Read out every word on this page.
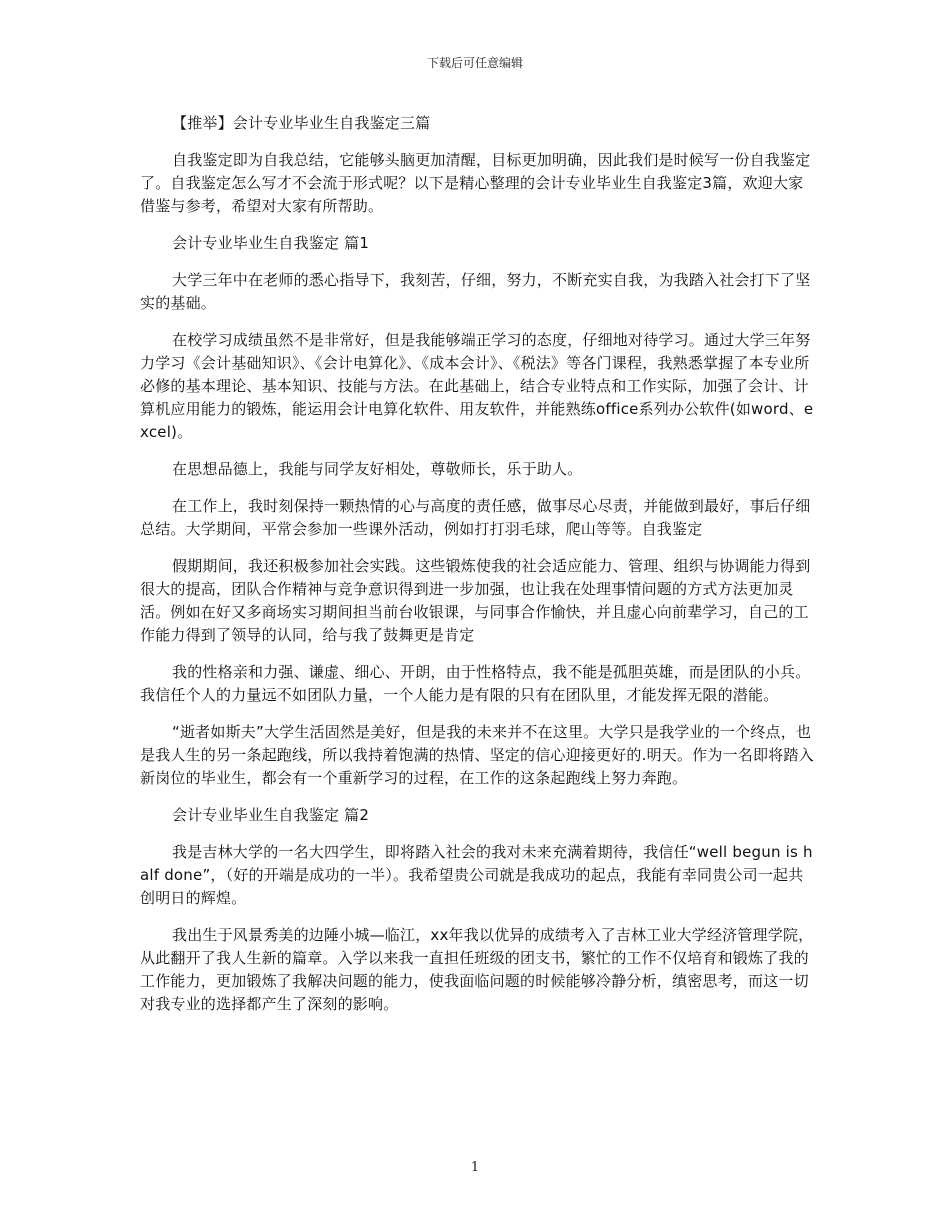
下载后可任意编辑

【推举】会计专业毕业生自我鉴定三篇

自我鉴定即为自我总结，它能够头脑更加清醒，目标更加明确，因此我们是时候写一份自我鉴定了。自我鉴定怎么写才不会流于形式呢？以下是精心整理的会计专业毕业生自我鉴定3篇，欢迎大家借鉴与参考，希望对大家有所帮助。

会计专业毕业生自我鉴定 篇1

大学三年中在老师的悉心指导下，我刻苦，仔细，努力，不断充实自我，为我踏入社会打下了坚实的基础。

在校学习成绩虽然不是非常好，但是我能够端正学习的态度，仔细地对待学习。通过大学三年努力学习《会计基础知识》、《会计电算化》、《成本会计》、《税法》等各门课程，我熟悉掌握了本专业所必修的基本理论、基本知识、技能与方法。在此基础上，结合专业特点和工作实际，加强了会计、计算机应用能力的锻炼，能运用会计电算化软件、用友软件，并能熟练office系列办公软件(如word、excel)。

在思想品德上，我能与同学友好相处，尊敬师长，乐于助人。

在工作上，我时刻保持一颗热情的心与高度的责任感，做事尽心尽责，并能做到最好，事后仔细总结。大学期间，平常会参加一些课外活动，例如打打羽毛球，爬山等等。自我鉴定

假期期间，我还积极参加社会实践。这些锻炼使我的社会适应能力、管理、组织与协调能力得到很大的提高，团队合作精神与竞争意识得到进一步加强，也让我在处理事情问题的方式方法更加灵活。例如在好又多商场实习期间担当前台收银课，与同事合作愉快，并且虚心向前辈学习，自己的工作能力得到了领导的认同，给与我了鼓舞更是肯定

我的性格亲和力强、谦虚、细心、开朗，由于性格特点，我不能是孤胆英雄，而是团队的小兵。我信任个人的力量远不如团队力量，一个人能力是有限的只有在团队里，才能发挥无限的潜能。

“逝者如斯夫”大学生活固然是美好，但是我的未来并不在这里。大学只是我学业的一个终点，也是我人生的另一条起跑线，所以我持着饱满的热情、坚定的信心迎接更好的.明天。作为一名即将踏入新岗位的毕业生，都会有一个重新学习的过程，在工作的这条起跑线上努力奔跑。

会计专业毕业生自我鉴定 篇2

我是吉林大学的一名大四学生，即将踏入社会的我对未来充满着期待，我信任“well begun is half done”，（好的开端是成功的一半）。我希望贵公司就是我成功的起点，我能有幸同贵公司一起共创明日的辉煌。

我出生于风景秀美的边陲小城—临江，xx年我以优异的成绩考入了吉林工业大学经济管理学院，从此翻开了我人生新的篇章。入学以来我一直担任班级的团支书，繁忙的工作不仅培育和锻炼了我的工作能力，更加锻炼了我解决问题的能力，使我面临问题的时候能够冷静分析，缜密思考，而这一切对我专业的选择都产生了深刻的影响。

1
